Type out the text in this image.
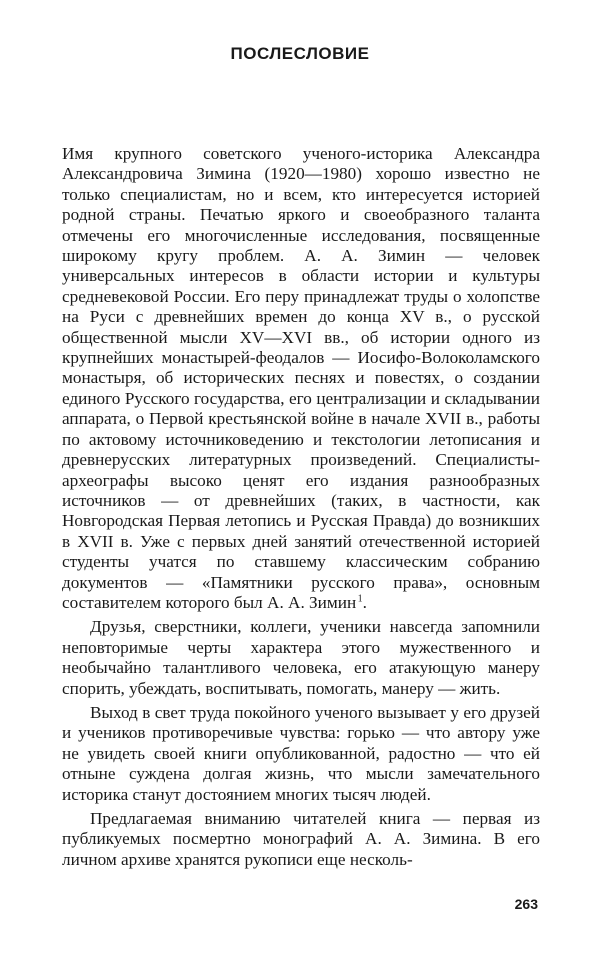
ПОСЛЕСЛОВИЕ

Имя крупного советского ученого-историка Александра Александровича Зимина (1920—1980) хорошо известно не только специалистам, но и всем, кто интересуется историей родной страны. Печатью яркого и своеобразного таланта отмечены его многочисленные исследования, посвященные широкому кругу проблем. А. А. Зимин — человек универсальных интересов в области истории и культуры средневековой России. Его перу принадлежат труды о холопстве на Руси с древнейших времен до конца XV в., о русской общественной мысли XV—XVI вв., об истории одного из крупнейших монастырей-феодалов — Иосифо-Волоколамского монастыря, об исторических песнях и повестях, о создании единого Русского государства, его централизации и складывании аппарата, о Первой крестьянской войне в начале XVII в., работы по актовому источниковедению и текстологии летописания и древнерусских литературных произведений. Специалисты-археографы высоко ценят его издания разнообразных источников — от древнейших (таких, в частности, как Новгородская Первая летопись и Русская Правда) до возникших в XVII в. Уже с первых дней занятий отечественной историей студенты учатся по ставшему классическим собранию документов — «Памятники русского права», основным составителем которого был А. А. Зимин $^1$.

Друзья, сверстники, коллеги, ученики навсегда запомнили неповторимые черты характера этого мужественного и необычайно талантливого человека, его атакующую манеру спорить, убеждать, воспитывать, помогать, манеру — жить.

Выход в свет труда покойного ученого вызывает у его друзей и учеников противоречивые чувства: горько — что автору уже не увидеть своей книги опубликованной, радостно — что ей отныне суждена долгая жизнь, что мысли замечательного историка станут достоянием многих тысяч людей.

Предлагаемая вниманию читателей книга — первая из публикуемых посмертно монографий А. А. Зимина. В его личном архиве хранятся рукописи еще несколь-

263
